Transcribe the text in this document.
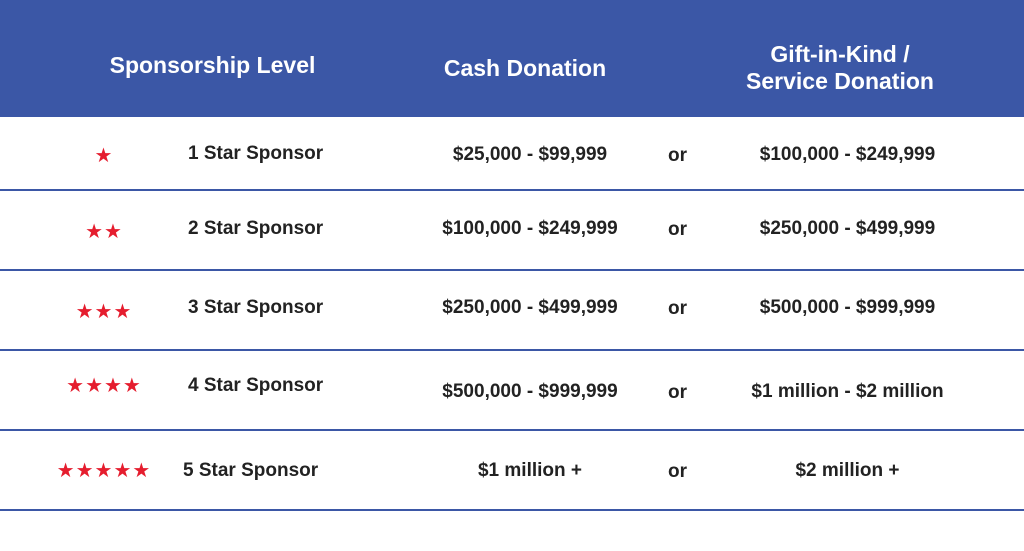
Sponsorship Level	Cash Donation
Gift-in-Kind /
Service Donation
★	1 Star Sponsor	$25,000 - $99,999	or	$100,000 - $249,999
★★	2 Star Sponsor	$100,000 - $249,999	or	$250,000 - $499,999
★★★	3 Star Sponsor	$250,000 - $499,999	or	$500,000 - $999,999
★★★★	4 Star Sponsor	$500,000 - $999,999	or	$1 million - $2 million
★★★★★	5 Star Sponsor	$1 million +	or	$2 million +
